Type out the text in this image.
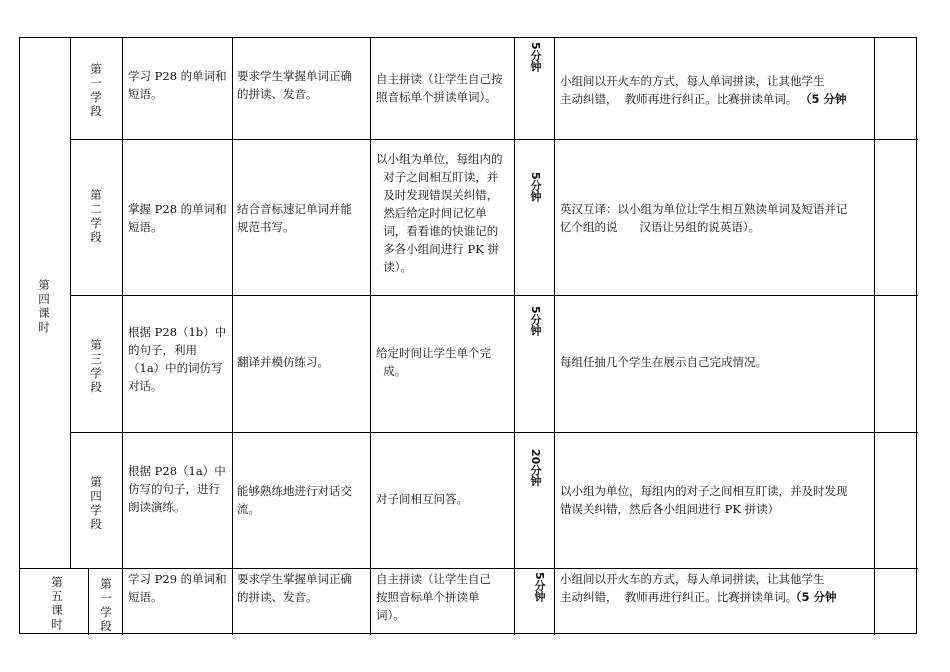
第
四
课
时
第
一
学
段
学习 P28 的单词和
短语。
要求学生掌握单词正确
的拼读、发音。
自主拼读（让学生自己按
照音标单个拼读单词）。
5分钟
小组间以开火车的方式，每人单词拼读，让其他学生
主动纠错，  教师再进行纠正。比赛拼读单词。 （5 分钟
第
二
学
段
掌握 P28 的单词和
短语。
结合音标速记单词并能
规范书写。
以小组为单位，每组内的
对子之间相互盯读，并
及时发现错误关纠错，
然后给定时间记忆单
词，看看谁的快谁记的
多各小组间进行 PK 拼
读）。
5分钟
英汉互译：以小组为单位让学生相互熟读单词及短语并记
忆个组的说      汉语让另组的说英语）。
第
三
学
段
根据 P28（1b）中
的句子，利用
（1a）中的词仿写
对话。
翻译并模仿练习。
给定时间让学生单个完
成。
5分钟
每组任抽几个学生在展示自己完成情况。
第
四
学
段
根据 P28（1a）中
仿写的句子，进行
朗读演练。
能够熟练地进行对话交
流。
对子间相互问答。
20分钟
以小组为单位，每组内的对子之间相互盯读，并及时发现
错误关纠错，然后各小组间进行 PK 拼读）
第
五
课
时
第
一
学
段
学习 P29 的单词和
短语。
要求学生掌握单词正确
的拼读、发音。
自主拼读（让学生自己
按照音标单个拼读单
词）。
5分钟 小组间以开火车的方式，每人单词拼读，让其他学生
主动纠错，  教师再进行纠正。比赛拼读单词。
（5 分钟
